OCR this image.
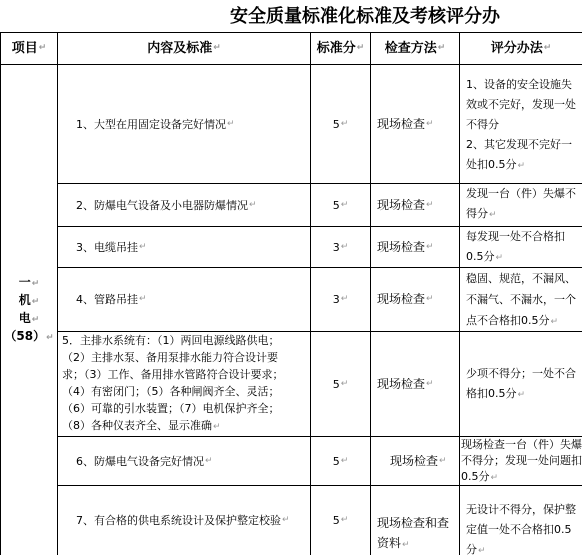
安全质量标准化标准及考核评分办
项目 ↵	内容及标准 ↵	标准分 ↵ 检查方法 ↵	评分办法 ↵
一↵
机↵
电↵
（58）↵
1、大型在用固定设备完好情况 ↵	5 ↵ 现场检查 ↵
1、设备的安全设施失
效或不完好，发现一处
不得分
2、其它发现不完好一
处扣0.5分↵
2、防爆电气设备及小电器防爆情况 ↵	5 ↵ 现场检查 ↵
发现一台（件）失爆不
得分↵
3、电缆吊挂 ↵	3 ↵ 现场检查 ↵
每发现一处不合格扣
0.5分↵
4、管路吊挂 ↵	3 ↵ 现场检查 ↵
稳固、规范，不漏风、
不漏气、不漏水，一个
点不合格扣0.5分↵
5．主排水系统有：（1）两回电源线路供电；
（2）主排水泵、备用泵排水能力符合设计要
求；（3）工作、备用排水管路符合设计要求；
（4）有密闭门；（5）各种闸阀齐全、灵活；
（6）可靠的引水装置；（7）电机保护齐全；
（8）各种仪表齐全、显示准确↵
5 ↵ 现场检查 ↵
少项不得分；一处不合
格扣0.5分↵
6、防爆电气设备完好情况 ↵	5 ↵	现场检查 ↵
现场检查一台（件）失爆
不得分；发现一处问题扣
0.5分↵
7、有合格的供电系统设计及保护整定校验 ↵	5 ↵ 现场检查和查资料↵
无设计不得分，保护整
定值一处不合格扣0.5
分↵
